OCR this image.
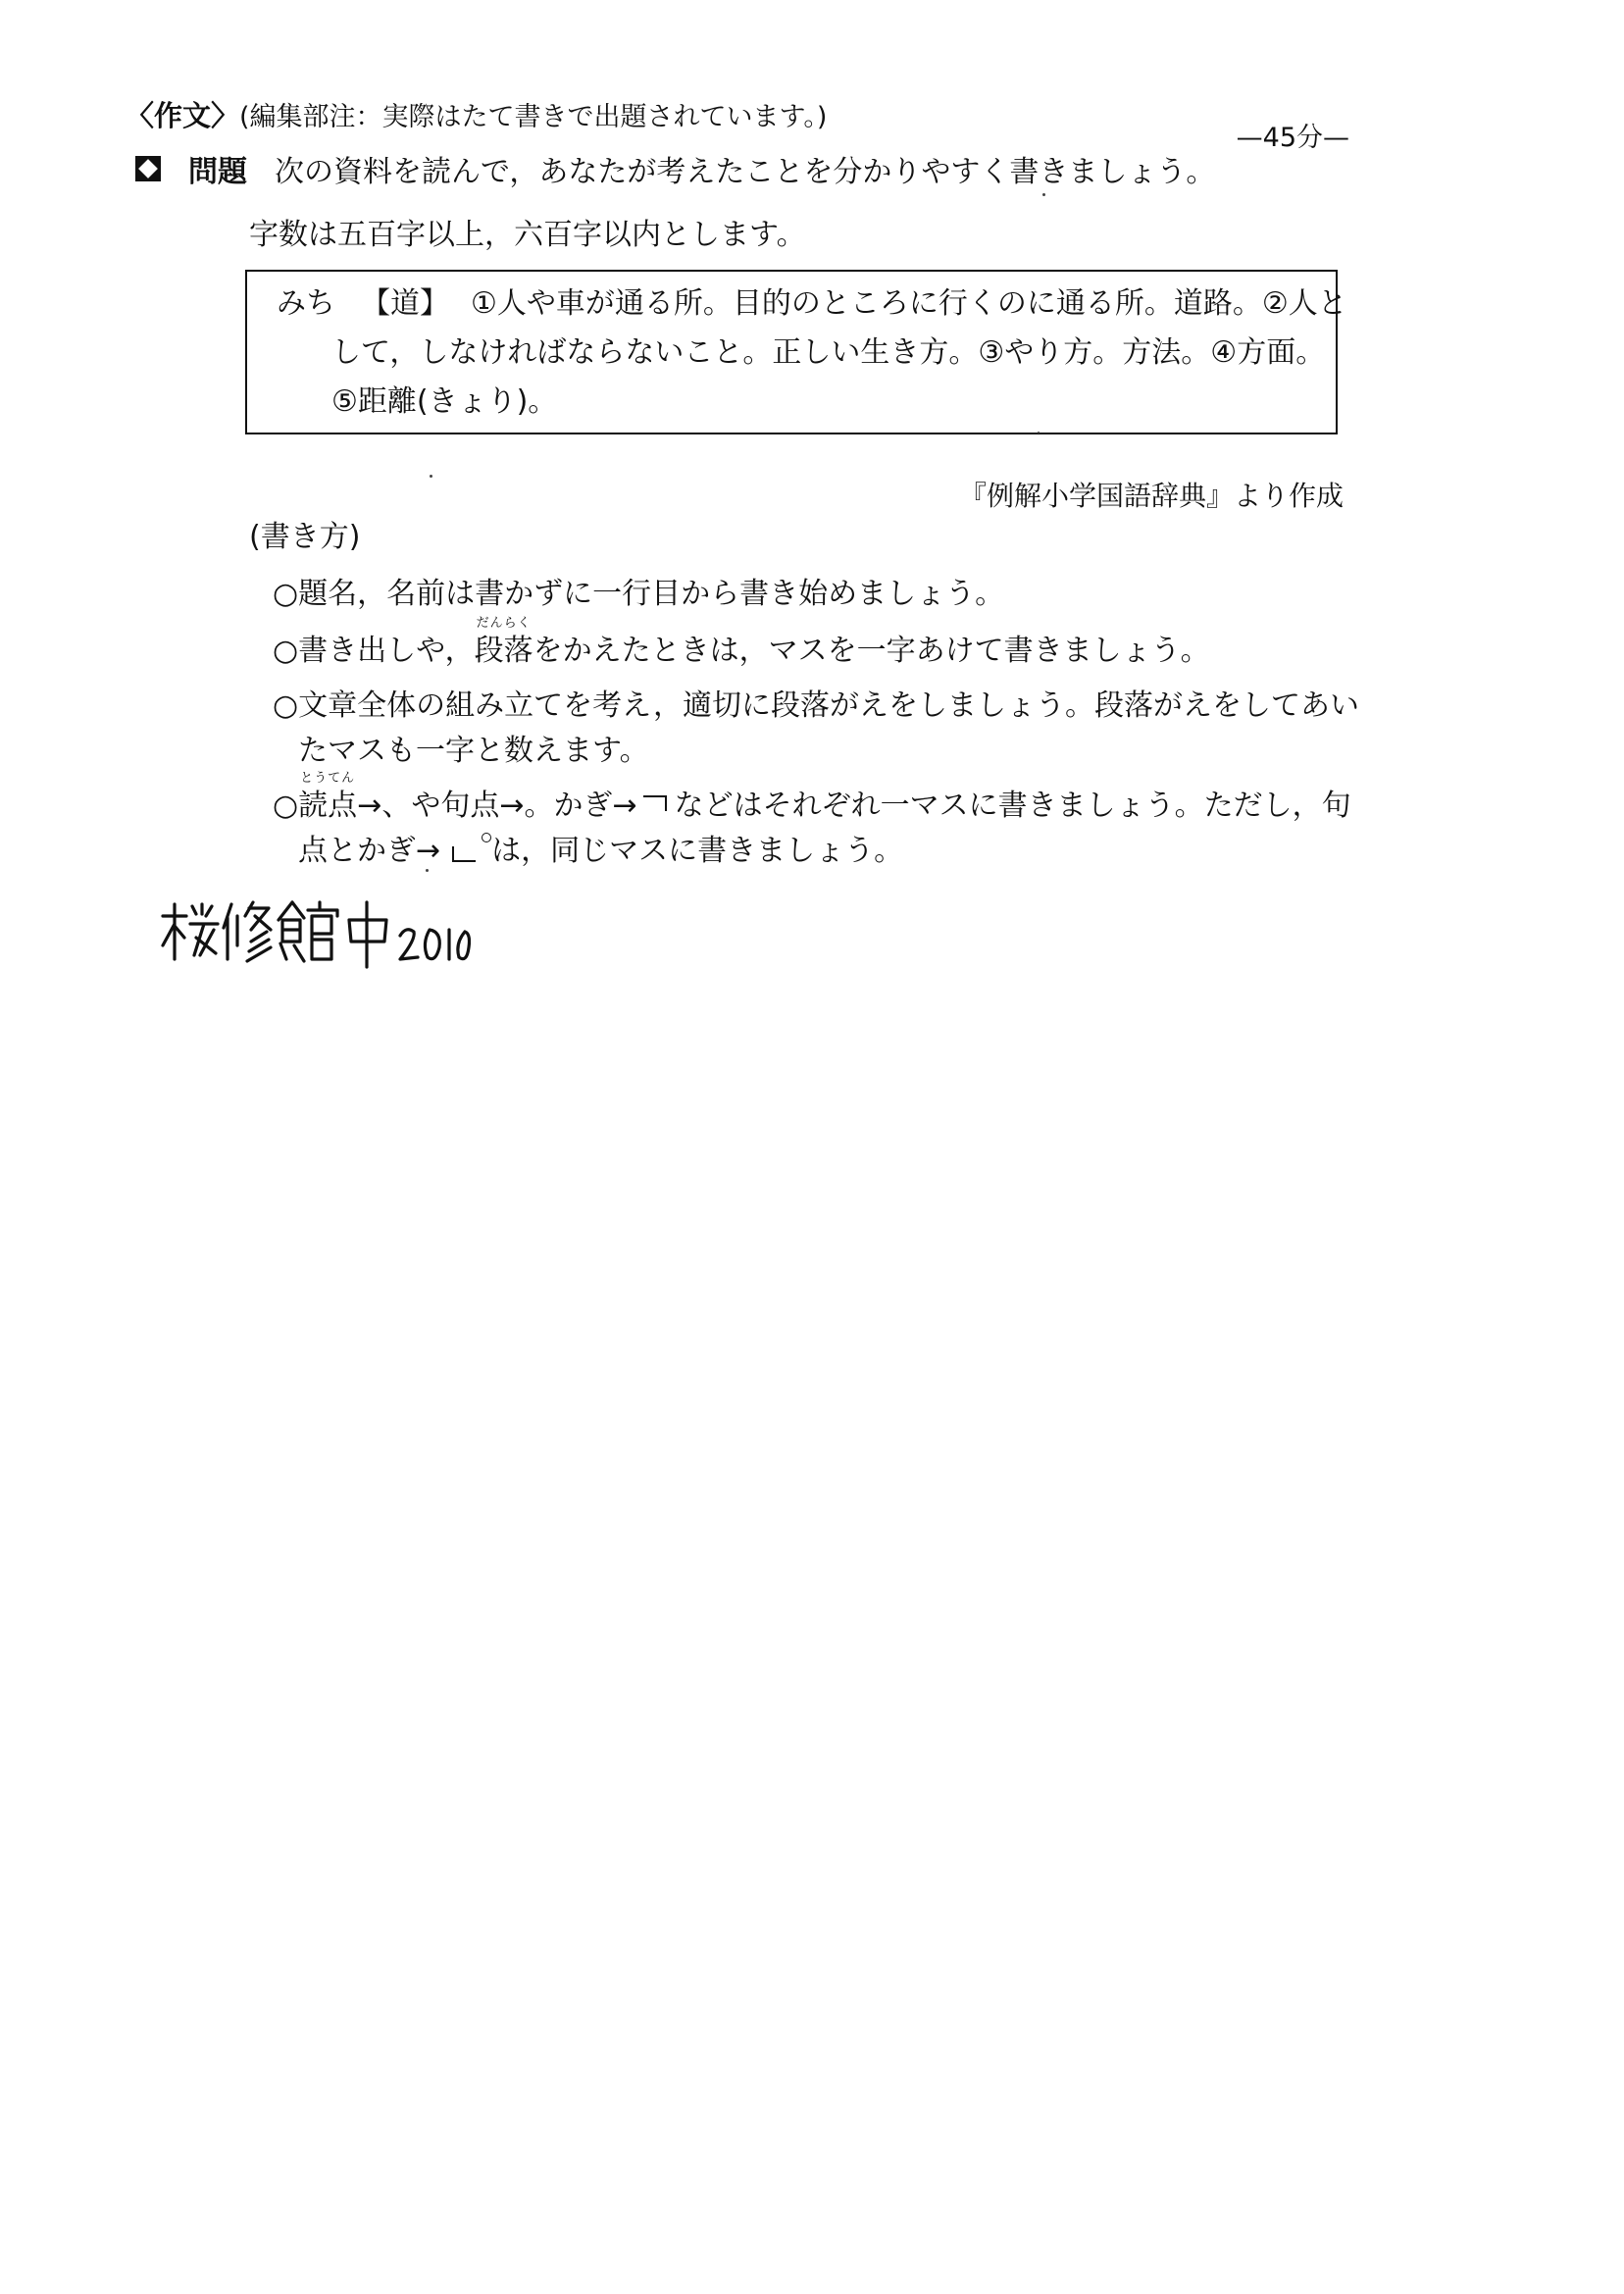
〈作文〉(編集部注：実際はたて書きで出題されています。)
—45分—
問題 次の資料を読んで，あなたが考えたことを分かりやすく書きましょう。
字数は五百字以上，六百字以内とします。
みち 【道】 ①人や車が通る所。目的のところに行くのに通る所。道路。②人と
して，しなければならないこと。正しい生き方。③やり方。方法。④方面。
⑤距離(きょり)。
『例解小学国語辞典』より作成
(書き方)
○題名，名前は書かずに一行目から書き始めましょう。
○書き出しや，段落
だんらく
をかえたときは，マスを一字あけて書きましょう。
○文章全体の組み立てを考え，適切に段落がえをしましょう。段落がえをしてあい
たマスも一字と数えます。
○読点
とうてん
→、や句点→。かぎ→ などはそれぞれ一マスに書きましょう。ただし，句
点とかぎ→ は，同じマスに書きましょう。
